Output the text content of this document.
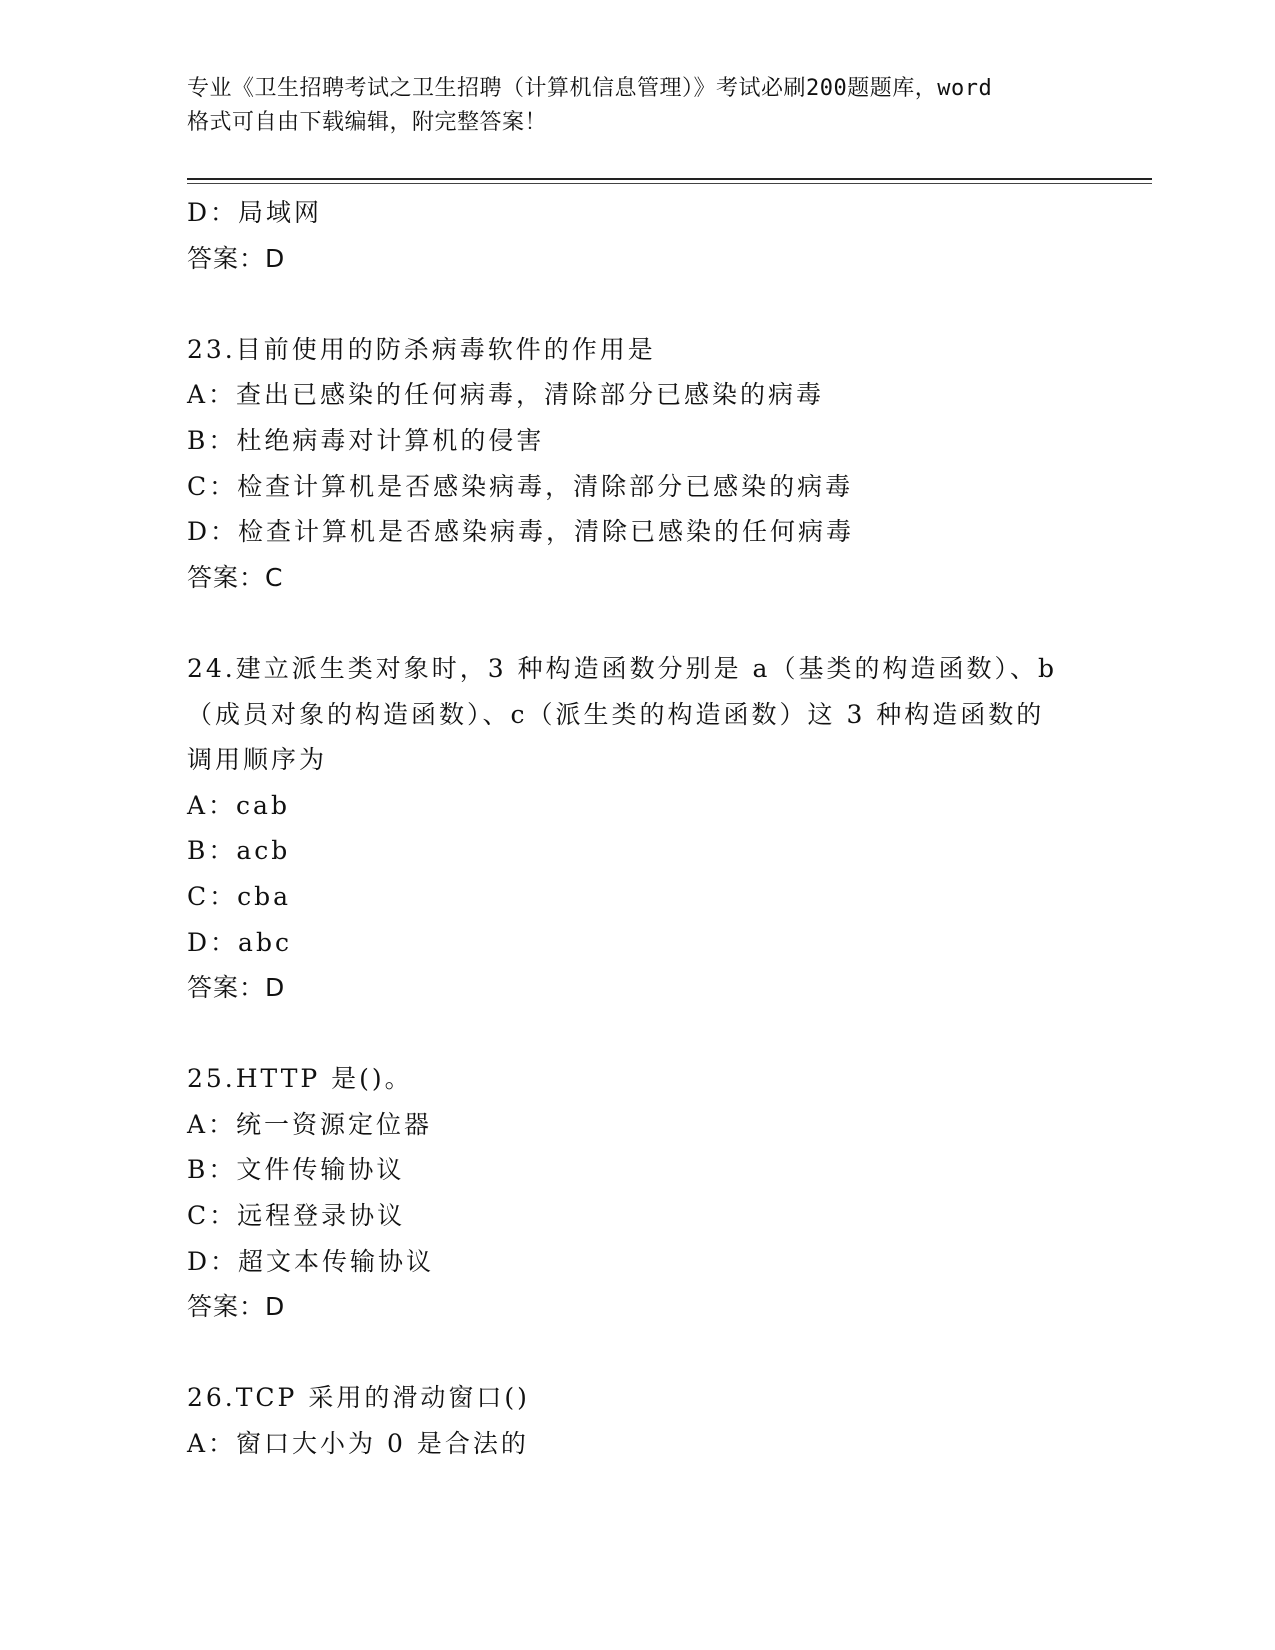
专业《卫生招聘考试之卫生招聘（计算机信息管理）》考试必刷200题题库，word
格式可自由下载编辑，附完整答案！
D：局域网
答案：D
23.目前使用的防杀病毒软件的作用是
A：查出已感染的任何病毒，清除部分已感染的病毒
B：杜绝病毒对计算机的侵害
C：检查计算机是否感染病毒，清除部分已感染的病毒
D：检查计算机是否感染病毒，清除已感染的任何病毒
答案：C
24.建立派生类对象时，3 种构造函数分别是 a（基类的构造函数）、b
（成员对象的构造函数）、c（派生类的构造函数）这 3 种构造函数的
调用顺序为
A：cab
B：acb
C：cba
D：abc
答案：D
25.HTTP 是()。
A：统一资源定位器
B：文件传输协议
C：远程登录协议
D：超文本传输协议
答案：D
26.TCP 采用的滑动窗口()
A：窗口大小为 0 是合法的
